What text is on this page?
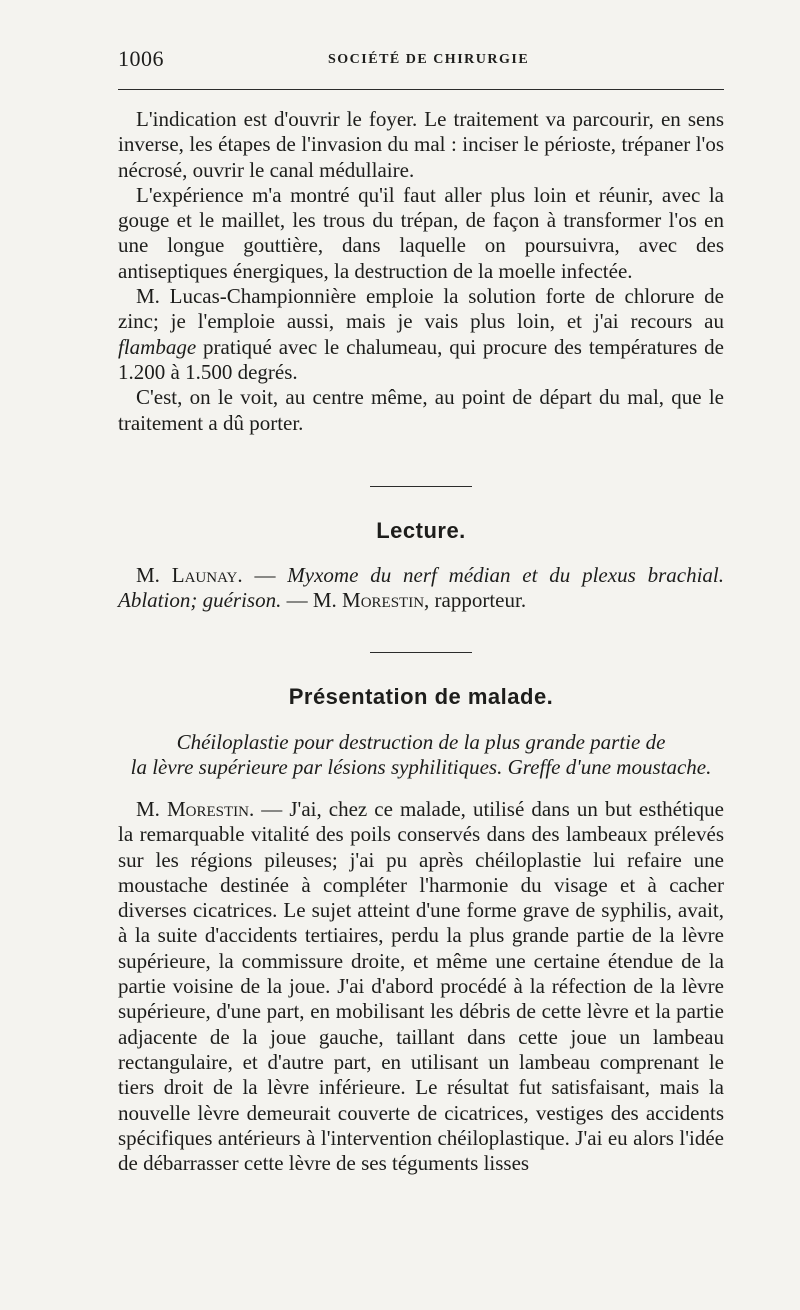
1006	SOCIÉTÉ DE CHIRURGIE

L'indication est d'ouvrir le foyer. Le traitement va parcourir, en sens inverse, les étapes de l'invasion du mal : inciser le périoste, trépaner l'os nécrosé, ouvrir le canal médullaire.

L'expérience m'a montré qu'il faut aller plus loin et réunir, avec la gouge et le maillet, les trous du trépan, de façon à transformer l'os en une longue gouttière, dans laquelle on poursuivra, avec des antiseptiques énergiques, la destruction de la moelle infectée.

M. Lucas-Championnière emploie la solution forte de chlorure de zinc; je l'emploie aussi, mais je vais plus loin, et j'ai recours au flambage pratiqué avec le chalumeau, qui procure des températures de 1.200 à 1.500 degrés.

C'est, on le voit, au centre même, au point de départ du mal, que le traitement a dû porter.

Lecture.

M. Launay. — Myxome du nerf médian et du plexus brachial. Ablation; guérison. — M. Morestin, rapporteur.

Présentation de malade.
Chéiloplastie pour destruction de la plus grande partie de
la lèvre supérieure par lésions syphilitiques. Greffe d'une moustache.

M. Morestin. — J'ai, chez ce malade, utilisé dans un but esthétique la remarquable vitalité des poils conservés dans des lambeaux prélevés sur les régions pileuses; j'ai pu après chéiloplastie lui refaire une moustache destinée à compléter l'harmonie du visage et à cacher diverses cicatrices. Le sujet atteint d'une forme grave de syphilis, avait, à la suite d'accidents tertiaires, perdu la plus grande partie de la lèvre supérieure, la commissure droite, et même une certaine étendue de la partie voisine de la joue. J'ai d'abord procédé à la réfection de la lèvre supérieure, d'une part, en mobilisant les débris de cette lèvre et la partie adjacente de la joue gauche, taillant dans cette joue un lambeau rectangulaire, et d'autre part, en utilisant un lambeau comprenant le tiers droit de la lèvre inférieure. Le résultat fut satisfaisant, mais la nouvelle lèvre demeurait couverte de cicatrices, vestiges des accidents spécifiques antérieurs à l'intervention chéiloplastique. J'ai eu alors l'idée de débarrasser cette lèvre de ses téguments lisses
